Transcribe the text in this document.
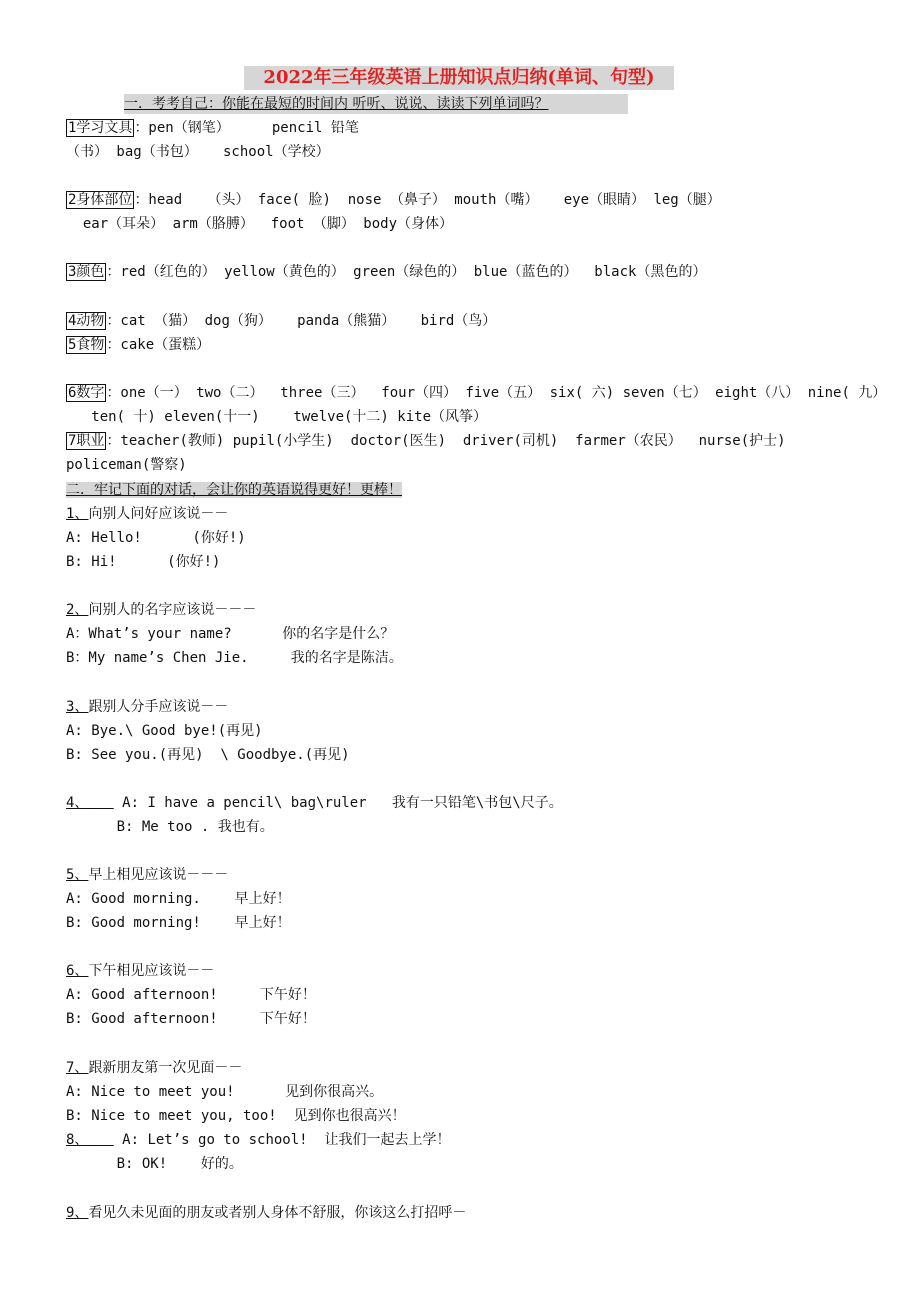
2022年三年级英语上册知识点归纳(单词、句型)
一．考考自己：你能在最短的时间内 听听、说说、读读下列单词吗？
1学习文具 ：pen（钢笔）     pencil 铅笔
（书） bag（书包）   school（学校）
2身体部位 ：head   （头） face( 脸)  nose （鼻子） mouth（嘴）   eye（眼睛） leg（腿）
ear（耳朵） arm（胳膊）  foot （脚） body（身体）
3颜色 ：red（红色的） yellow（黄色的） green（绿色的） blue（蓝色的）  black（黑色的）
4动物 ：cat （猫） dog（狗）   panda（熊猫）   bird（鸟）
5食物 ：cake（蛋糕）
6数字 ：one（一） two（二）  three（三）  four（四） five（五） six( 六) seven（七） eight（八） nine( 九）
ten( 十) eleven(十一)    twelve(十二) kite（风筝）
7职业 ：teacher(教师) pupil(小学生)  doctor(医生)  driver(司机)  farmer（农民）  nurse(护士)
policeman(警察)
二．牢记下面的对话，会让你的英语说得更好！更棒！
1、向别人问好应该说－－
A: Hello!      (你好!)
B: Hi!      (你好!)
2、问别人的名字应该说－－－
A：What’s your name?      你的名字是什么？
B：My name’s Chen Jie.     我的名字是陈洁。
3、跟别人分手应该说－－
A: Bye.\ Good bye!(再见)
B: See you.(再见)  \ Goodbye.(再见)
4、    A: I have a pencil\ bag\ruler   我有一只铅笔\书包\尺子。
B: Me too . 我也有。
5、早上相见应该说－－－
A: Good morning.    早上好！
B: Good morning!    早上好！
6、下午相见应该说－－
A: Good afternoon!     下午好！
B: Good afternoon!     下午好！
7、跟新朋友第一次见面－－
A: Nice to meet you!      见到你很高兴。
B: Nice to meet you, too!  见到你也很高兴！
8、    A: Let’s go to school!  让我们一起去上学！
B: OK!    好的。
9、看见久未见面的朋友或者别人身体不舒服，你该这么打招呼－
